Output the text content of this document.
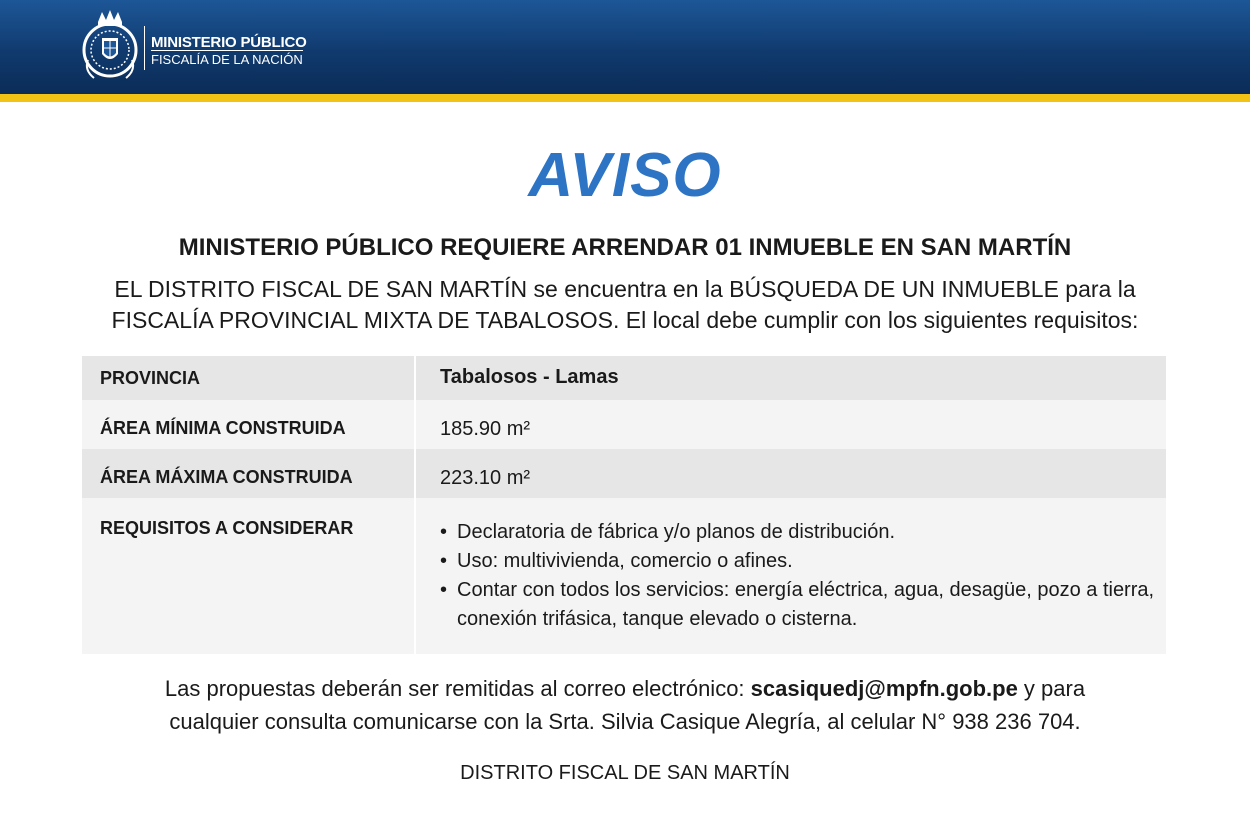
MINISTERIO PÚBLICO
FISCALÍA DE LA NACIÓN
AVISO
MINISTERIO PÚBLICO REQUIERE ARRENDAR 01 INMUEBLE EN SAN MARTÍN
EL DISTRITO FISCAL DE SAN MARTÍN se encuentra en la BÚSQUEDA DE UN INMUEBLE para la
FISCALÍA PROVINCIAL MIXTA DE TABALOSOS. El local debe cumplir con los siguientes requisitos:
PROVINCIA	Tabalosos - Lamas
ÁREA MÍNIMA CONSTRUIDA	185.90 m²
ÁREA MÁXIMA CONSTRUIDA	223.10 m²
REQUISITOS A CONSIDERAR
•	Declaratoria de fábrica y/o planos de distribución.
• Uso: multivivienda, comercio o afines.
• Contar con todos los servicios: energía eléctrica, agua, desagüe, pozo a tierra, conexión trifásica, tanque elevado o cisterna.
Las propuestas deberán ser remitidas al correo electrónico: scasiquedj@mpfn.gob.pe y para
cualquier consulta comunicarse con la Srta. Silvia Casique Alegría, al celular N° 938 236 704.
DISTRITO FISCAL DE SAN MARTÍN
